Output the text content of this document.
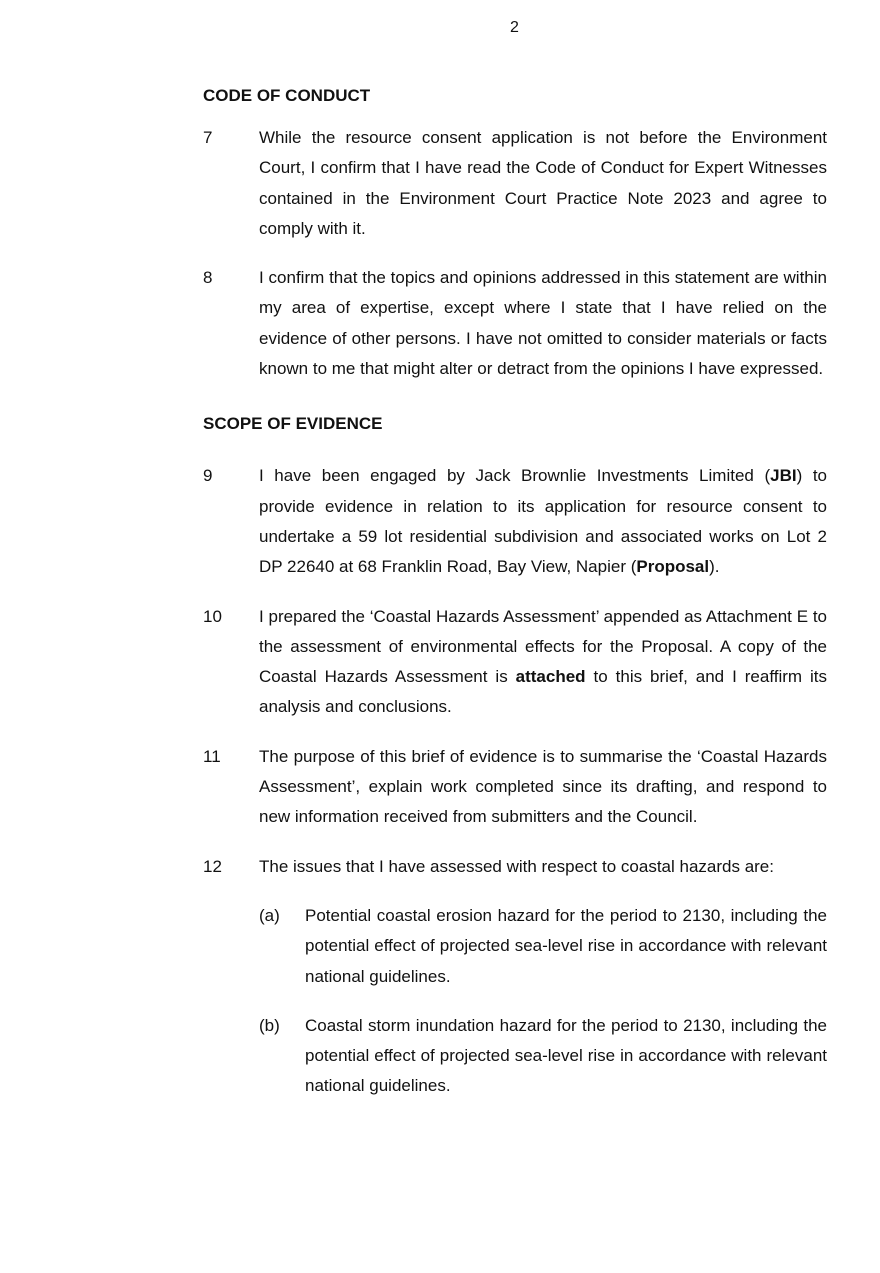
2
CODE OF CONDUCT
7	While the resource consent application is not before the Environment Court, I confirm that I have read the Code of Conduct for Expert Witnesses contained in the Environment Court Practice Note 2023 and agree to comply with it.
8	I confirm that the topics and opinions addressed in this statement are within my area of expertise, except where I state that I have relied on the evidence of other persons. I have not omitted to consider materials or facts known to me that might alter or detract from the opinions I have expressed.
SCOPE OF EVIDENCE
9	I have been engaged by Jack Brownlie Investments Limited (JBI) to provide evidence in relation to its application for resource consent to undertake a 59 lot residential subdivision and associated works on Lot 2 DP 22640 at 68 Franklin Road, Bay View, Napier (Proposal).
10	I prepared the ‘Coastal Hazards Assessment’ appended as Attachment E to the assessment of environmental effects for the Proposal. A copy of the Coastal Hazards Assessment is attached to this brief, and I reaffirm its analysis and conclusions.
11	The purpose of this brief of evidence is to summarise the ‘Coastal Hazards Assessment’, explain work completed since its drafting, and respond to new information received from submitters and the Council.
12	The issues that I have assessed with respect to coastal hazards are:
(a)	Potential coastal erosion hazard for the period to 2130, including the potential effect of projected sea-level rise in accordance with relevant national guidelines.
(b)	Coastal storm inundation hazard for the period to 2130, including the potential effect of projected sea-level rise in accordance with relevant national guidelines.
